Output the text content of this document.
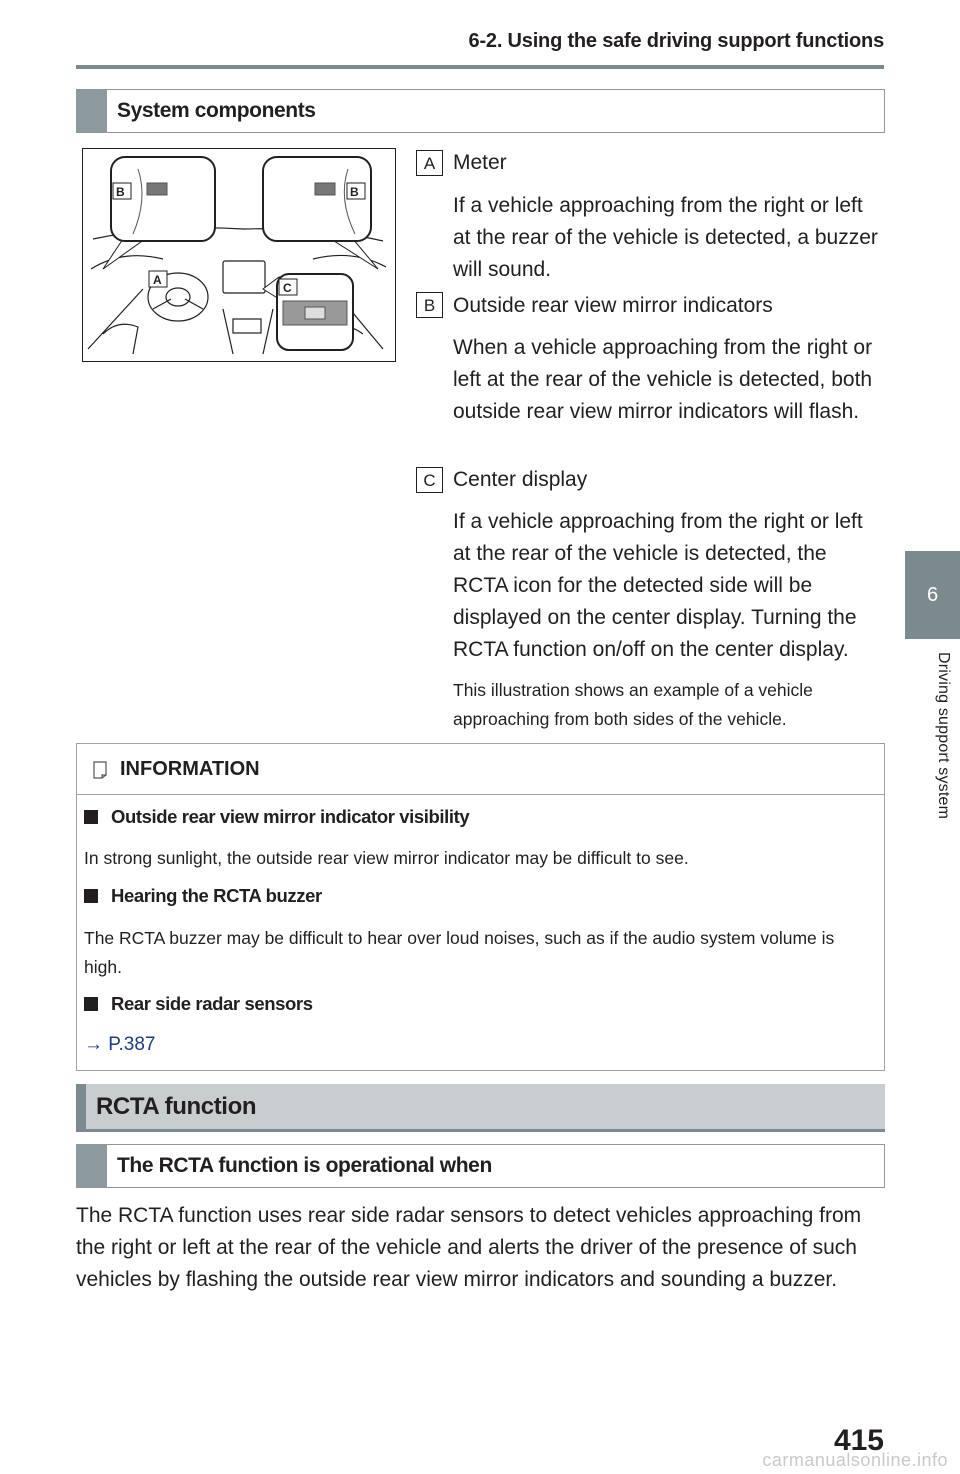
6-2. Using the safe driving support functions
6
Driving support system
System components
B	B
A
C
A Meter
If a vehicle approaching from the right or left at the rear of the vehicle is detected, a buzzer will sound.
B Outside rear view mirror indicators
When a vehicle approaching from the right or left at the rear of the vehicle is detected, both outside rear view mirror indicators will flash.
C Center display
If a vehicle approaching from the right or left at the rear of the vehicle is detected, the RCTA icon for the detected side will be displayed on the center display. Turning the RCTA function on/off on the center display.
This illustration shows an example of a vehicle approaching from both sides of the vehicle.
INFORMATION
Outside rear view mirror indicator visibility
In strong sunlight, the outside rear view mirror indicator may be difficult to see.
Hearing the RCTA buzzer
The RCTA buzzer may be difficult to hear over loud noises, such as if the audio system volume is high.
Rear side radar sensors
→ P.387
RCTA function
The RCTA function is operational when
The RCTA function uses rear side radar sensors to detect vehicles approaching from the right or left at the rear of the vehicle and alerts the driver of the presence of such vehicles by flashing the outside rear view mirror indicators and sounding a buzzer.
415
carmanualsonline.info
